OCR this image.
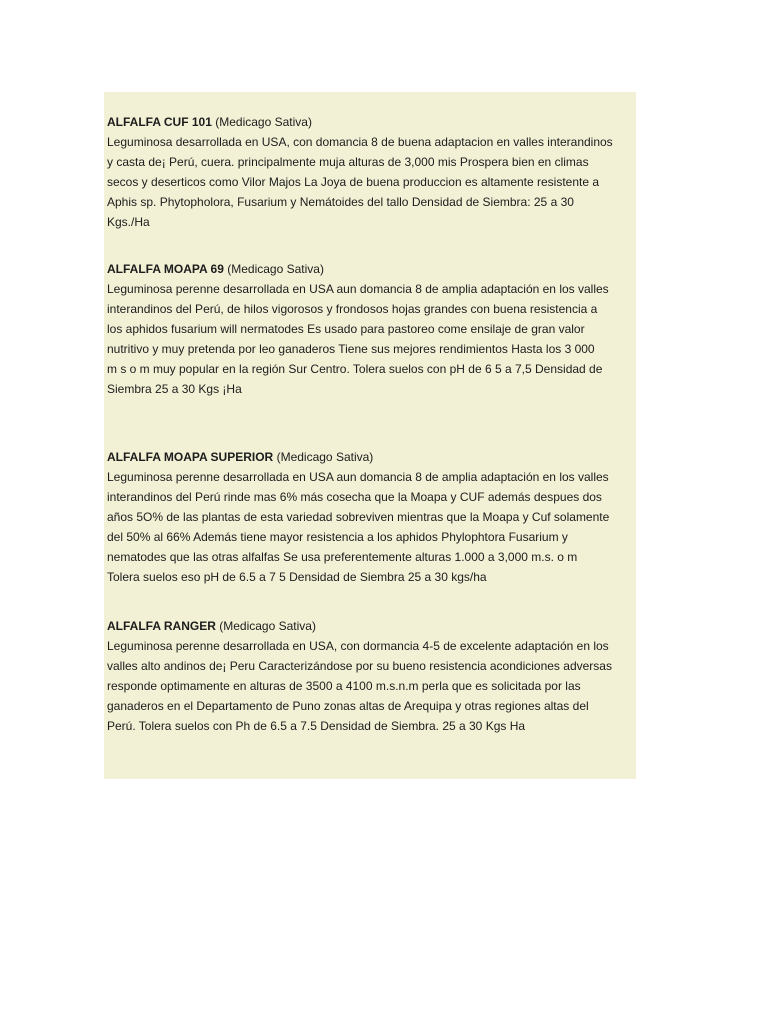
ALFALFA CUF 101 (Medicago Sativa)

Leguminosa desarrollada en USA, con domancia 8 de buena adaptacion en valles interandinos
y casta de¡ Perú, cuera. principalmente muja alturas de 3,000 mis Prospera bien en climas
secos y deserticos como Vilor Majos La Joya de buena produccion es altamente resistente a
Aphis sp. Phytopholora, Fusarium y Nemátoides del tallo Densidad de Siembra: 25 a 30
Kgs./Ha

ALFALFA MOAPA 69 (Medicago Sativa)

Leguminosa perenne desarrollada en USA aun domancia 8 de amplia adaptación en los valles
interandinos del Perú, de hilos vigorosos y frondosos hojas grandes con buena resistencia a
los aphidos fusarium will nermatodes Es usado para pastoreo come ensilaje de gran valor
nutritivo y muy pretenda por leo ganaderos Tiene sus mejores rendimientos Hasta los 3 000
m s o m muy popular en la región Sur Centro. Tolera suelos con pH de 6 5 a 7,5 Densidad de
Siembra 25 a 30 Kgs ¡Ha

ALFALFA MOAPA SUPERIOR (Medicago Sativa)

Leguminosa perenne desarrollada en USA aun domancia 8 de amplia adaptación en los valles
interandinos del Perú rinde mas 6% más cosecha que la Moapa y CUF además despues dos
años 5O% de las plantas de esta variedad sobreviven mientras que la Moapa y Cuf solamente
del 50% al 66% Además tiene mayor resistencia a los aphidos Phylophtora Fusarium y
nematodes que las otras alfalfas Se usa preferentemente alturas 1.000 a 3,000 m.s. o m
Tolera suelos eso pH de 6.5 a 7 5 Densidad de Siembra 25 a 30 kgs/ha

ALFALFA RANGER (Medicago Sativa)

Leguminosa perenne desarrollada en USA, con dormancia 4-5 de excelente adaptación en los
valles alto andinos de¡ Peru Caracterizándose por su bueno resistencia acondiciones adversas
responde optimamente en alturas de 3500 a 4100 m.s.n.m perla que es solicitada por las
ganaderos en el Departamento de Puno zonas altas de Arequipa y otras regiones altas del
Perú. Tolera suelos con Ph de 6.5 a 7.5 Densidad de Siembra. 25 a 30 Kgs Ha
